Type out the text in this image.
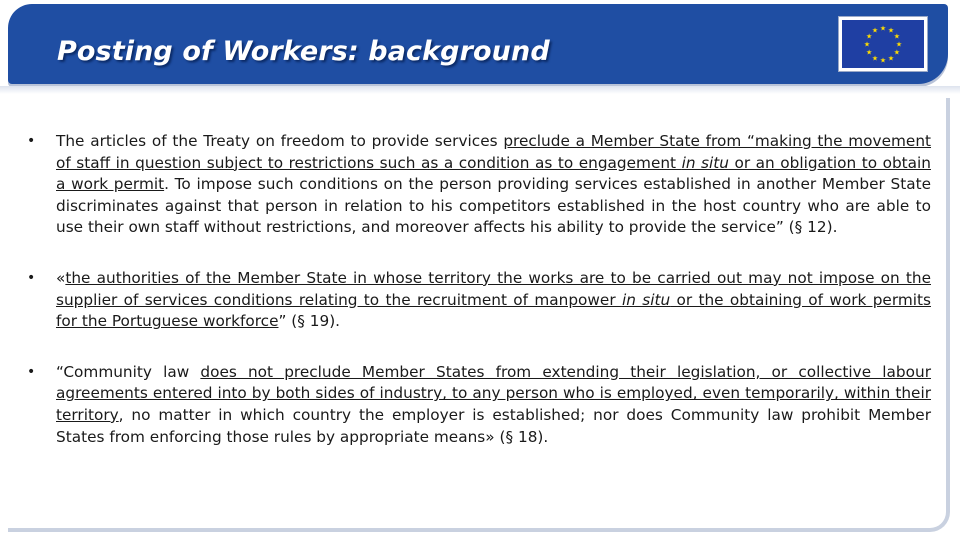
Posting of Workers: background
★ ★
★
★
★
★
★
★
★
★
★
★
• The articles of the Treaty on freedom to provide services preclude a Member State from “making the movement of staff in question subject to restrictions such as a condition as to engagement in situ or an obligation to obtain a work permit. To impose such conditions on the person providing services established in another Member State discriminates against that person in relation to his competitors established in the host country who are able to use their own staff without restrictions, and moreover affects his ability to provide the service” (§ 12).
• «the authorities of the Member State in whose territory the works are to be carried out may not impose on the supplier of services conditions relating to the recruitment of manpower in situ or the obtaining of work permits for the Portuguese workforce” (§ 19).
• “Community law does not preclude Member States from extending their legislation, or collective labour agreements entered into by both sides of industry, to any person who is employed, even temporarily, within their territory, no matter in which country the employer is established; nor does Community law prohibit Member States from enforcing those rules by appropriate means» (§ 18).
